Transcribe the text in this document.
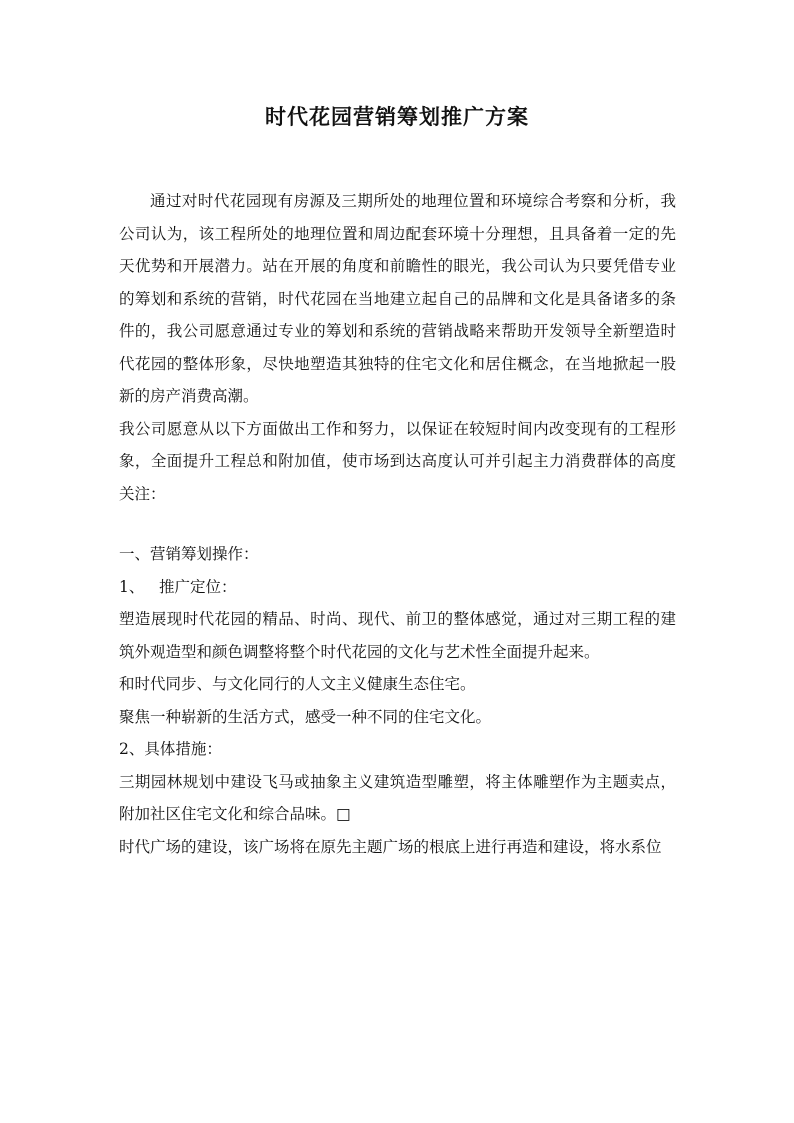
时代花园营销筹划推广方案

通过对时代花园现有房源及三期所处的地理位置和环境综合考察和分析，我公司认为，该工程所处的地理位置和周边配套环境十分理想，且具备着一定的先天优势和开展潜力。站在开展的角度和前瞻性的眼光，我公司认为只要凭借专业的筹划和系统的营销，时代花园在当地建立起自己的品牌和文化是具备诸多的条件的，我公司愿意通过专业的筹划和系统的营销战略来帮助开发领导全新塑造时代花园的整体形象，尽快地塑造其独特的住宅文化和居住概念，在当地掀起一股新的房产消费高潮。

我公司愿意从以下方面做出工作和努力，以保证在较短时间内改变现有的工程形象，全面提升工程总和附加值，使市场到达高度认可并引起主力消费群体的高度关注：

一、营销筹划操作：

1、 推广定位：

塑造展现时代花园的精品、时尚、现代、前卫的整体感觉，通过对三期工程的建筑外观造型和颜色调整将整个时代花园的文化与艺术性全面提升起来。

和时代同步、与文化同行的人文主义健康生态住宅。

聚焦一种崭新的生活方式，感受一种不同的住宅文化。

2、具体措施：

三期园林规划中建设飞马或抽象主义建筑造型雕塑，将主体雕塑作为主题卖点，附加社区住宅文化和综合品味。□

时代广场的建设，该广场将在原先主题广场的根底上进行再造和建设，将水系位
